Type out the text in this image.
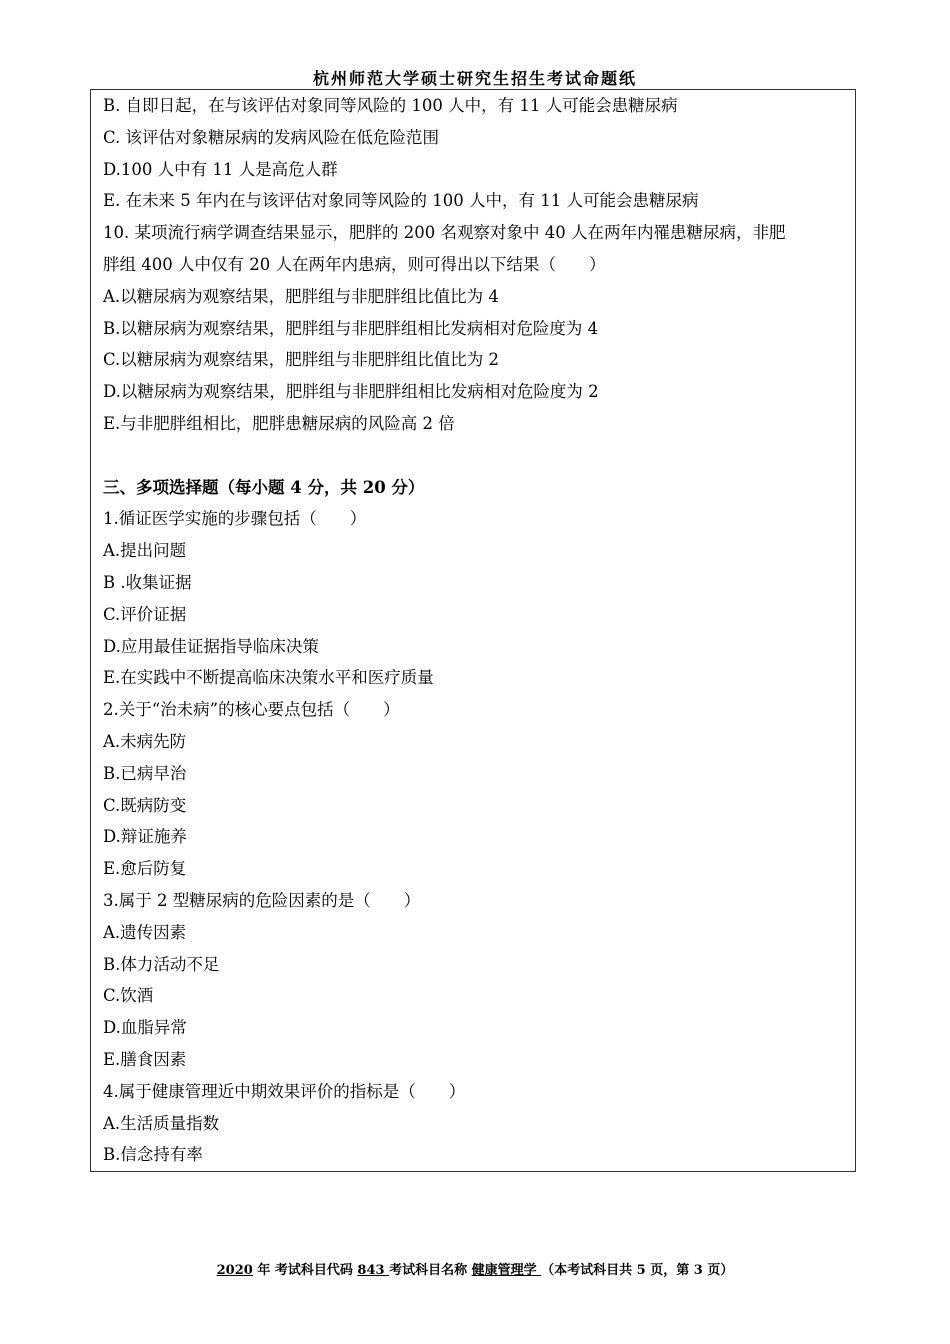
杭州师范大学硕士研究生招生考试命题纸
B. 自即日起，在与该评估对象同等风险的 100 人中，有 11 人可能会患糖尿病
C. 该评估对象糖尿病的发病风险在低危险范围
D.100 人中有 11 人是高危人群
E. 在未来 5 年内在与该评估对象同等风险的 100 人中，有 11 人可能会患糖尿病
10. 某项流行病学调查结果显示，肥胖的 200 名观察对象中 40 人在两年内罹患糖尿病，非肥
胖组 400 人中仅有 20 人在两年内患病，则可得出以下结果（　　）
A.以糖尿病为观察结果，肥胖组与非肥胖组比值比为 4
B.以糖尿病为观察结果，肥胖组与非肥胖组相比发病相对危险度为 4
C.以糖尿病为观察结果，肥胖组与非肥胖组比值比为 2
D.以糖尿病为观察结果，肥胖组与非肥胖组相比发病相对危险度为 2
E.与非肥胖组相比，肥胖患糖尿病的风险高 2 倍
三、多项选择题（每小题 4 分，共 20 分）
1.循证医学实施的步骤包括（　　）
A.提出问题
B .收集证据
C.评价证据
D.应用最佳证据指导临床决策
E.在实践中不断提高临床决策水平和医疗质量
2.关于“治未病”的核心要点包括（　　）
A.未病先防
B.已病早治
C.既病防变
D.辩证施养
E.愈后防复
3.属于 2 型糖尿病的危险因素的是（　　）
A.遗传因素
B.体力活动不足
C.饮酒
D.血脂异常
E.膳食因素
4.属于健康管理近中期效果评价的指标是（　　）
A.生活质量指数
B.信念持有率
2020 年 考试科目代码 843 考试科目名称 健康管理学 （本考试科目共 5 页，第 3 页）
